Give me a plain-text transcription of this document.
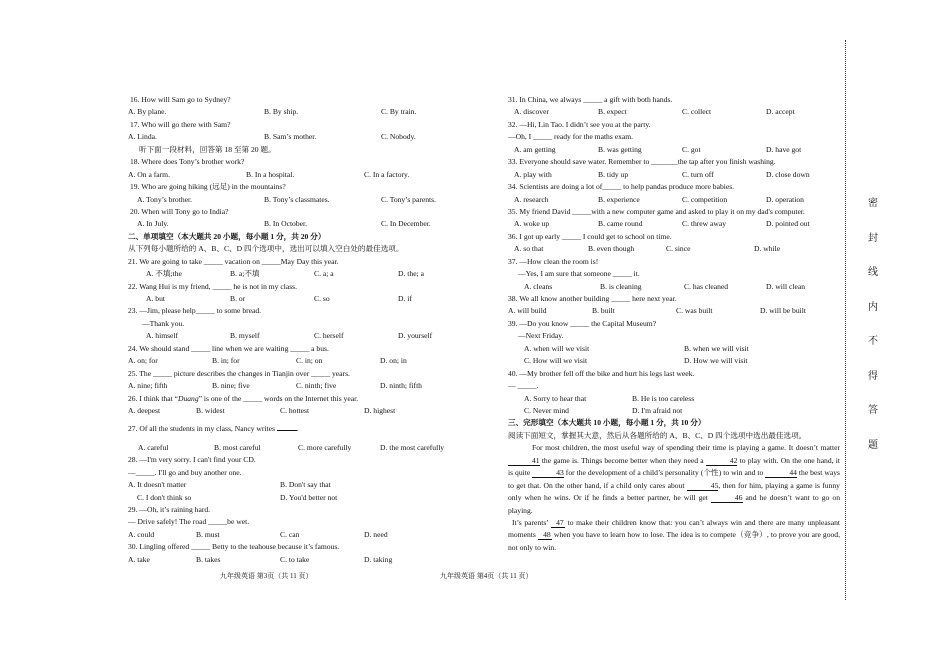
16. How will Sam go to Sydney?
A. By plane.	B. By ship.	C. By train.
17. Who will go there with Sam?
A. Linda.	B. Sam’s mother.	C. Nobody.
听下面一段材料，回答第 18 至第 20 题。
18. Where does Tony’s brother work?
A. On a farm.	B. In a hospital.	C. In a factory.
19. Who are going hiking (远足) in the mountains?
A. Tony’s brother.	B. Tony’s classmates.	C. Tony’s parents.
20. When will Tony go to India?
A. In July.	B. In October.	C. In December.
二、单项填空（本大题共 20 小题，每小题 1 分，共 20 分）
从下列每小题所给的 A、B、C、D 四个选项中，选出可以填入空白处的最佳选项。
21. We are going to take _____ vacation on _____May Day this year.
A. 不填;the	B. a;不填	C. a; a	D. the; a
22. Wang Hui is my friend, _____ he is not in my class.
A. but	B. or	C. so	D. if
23. —Jim, please help_____ to some bread.
—Thank you.
A. himself	B. myself	C. herself	D. yourself
24. We should stand _____ line when we are waiting _____ a bus.
A. on; for	B. in; for	C. in; on	D. on; in
25. The _____ picture describes the changes in Tianjin over _____ years.
A. nine; fifth	B. nine; five	C. ninth; five	D. ninth; fifth
26. I think that “Duang” is one of the _____ words on the Internet this year.
A. deepest	B. widest	C. hottest	D. highest
27. Of all the students in my class, Nancy writes	.
A. careful	B. most careful	C. more carefully	D. the most carefully
28. —I'm very sorry. I can't find your CD.
—_____. I'll go and buy another one.
A. It doesn't matter	B. Don't say that
C. I don't think so	D. You'd better not
29. —Oh, it’s raining hard.
— Drive safely! The road _____be wet.
A. could	B. must	C. can	D. need
30. Lingling offered _____ Betty to the teahouse because it’s famous.
A. take	B. takes	C. to take	D. taking
九年级英语 第3页（共 11 页）
31. In China, we always _____ a gift with both hands.
A. discover	B. expect	C. collect	D. accept
32. —Hi, Lin Tao. I didn’t see you at the party.
—Oh, I _____ ready for the maths exam.
A. am getting	B. was getting	C. got	D. have got
33. Everyone should save water. Remember to _______the tap after you finish washing.
A. play with	B. tidy up	C. turn off	D. close down
34. Scientists are doing a lot of_____ to help pandas produce more babies.
A. research	B. experience	C. competition	D. operation
35. My friend David _____with a new computer game and asked to play it on my dad's computer.
A. woke up	B. came round	C. threw away	D. pointed out
36. I got up early _____ I could get to school on time.
A. so that	B. even though	C. since	D. while
37. —How clean the room is!
—Yes, I am sure that someone _____ it.
A. cleans	B. is cleaning	C. has cleaned	D. will clean
38. We all know another building _____ here next year.
A. will build	B. built	C. was built	D. will be built
39. —Do you know _____ the Capital Museum?
—Next Friday.
A. when will we visit	B. when we will visit
C. How will we visit	D. How we will visit
40. —My brother fell off the bike and hurt his legs last week.
— _____.
A. Sorry to hear that	B. He is too careless
C. Never mind	D. I'm afraid not
三、完形填空（本大题共 10 小题，每小题 1 分，共 10 分）
阅读下面短文，掌握其大意，然后从各题所给的 A、B、C、D 四个选项中选出最佳选项。
For most children, the most useful way of spending their time is playing a game. It doesn’t matter 41 the game is. Things become better when they need a	42 to play with. On the one hand, it is quite	43 for the development of a child’s personality (个性) to win and to	44 the best ways to get that. On the other hand, if a child only cares about	45, then for him, playing a game is funny only when he wins. Or if he finds a better partner, he will get	46 and he doesn’t want to go on playing.
It’s parents’ 47 to make their children know that: you can’t always win and there are many unpleasant moments 48 when you have to learn how to lose. The idea is to compete（竞争）, to prove you are good, not only to win.
九年级英语 第4页（共 11 页）
密
封
线
内
不
得
答
题
